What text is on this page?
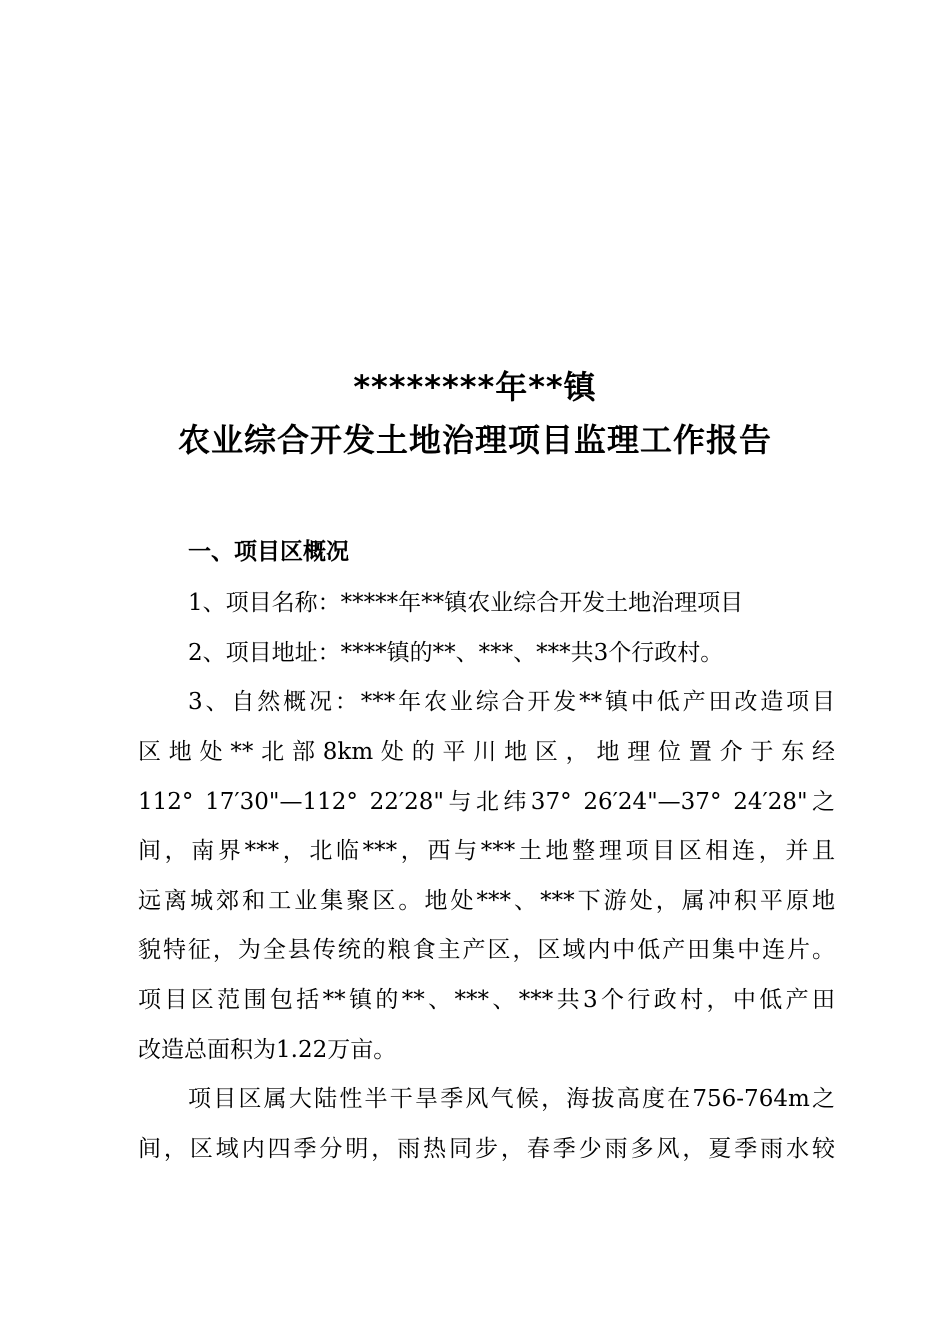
********年**镇
农业综合开发土地治理项目监理工作报告
一、项目区概况
1、项目名称：*****年**镇农业综合开发土地治理项目
2、项目地址：****镇的**、***、***共3个行政村。
3、自然概况：***年农业综合开发**镇中低产田改造项目
区地处**北部8km处的平川地区，地理位置介于东经
112° 17′30"—112° 22′28"与北纬37° 26′24"—37° 24′28"之
间，南界***，北临***，西与***土地整理项目区相连，并且
远离城郊和工业集聚区。地处***、***下游处，属冲积平原地
貌特征，为全县传统的粮食主产区，区域内中低产田集中连片。
项目区范围包括**镇的**、***、***共3个行政村，中低产田
改造总面积为1.22万亩。
项目区属大陆性半干旱季风气候，海拔高度在756-764m之
间，区域内四季分明，雨热同步，春季少雨多风，夏季雨水较
